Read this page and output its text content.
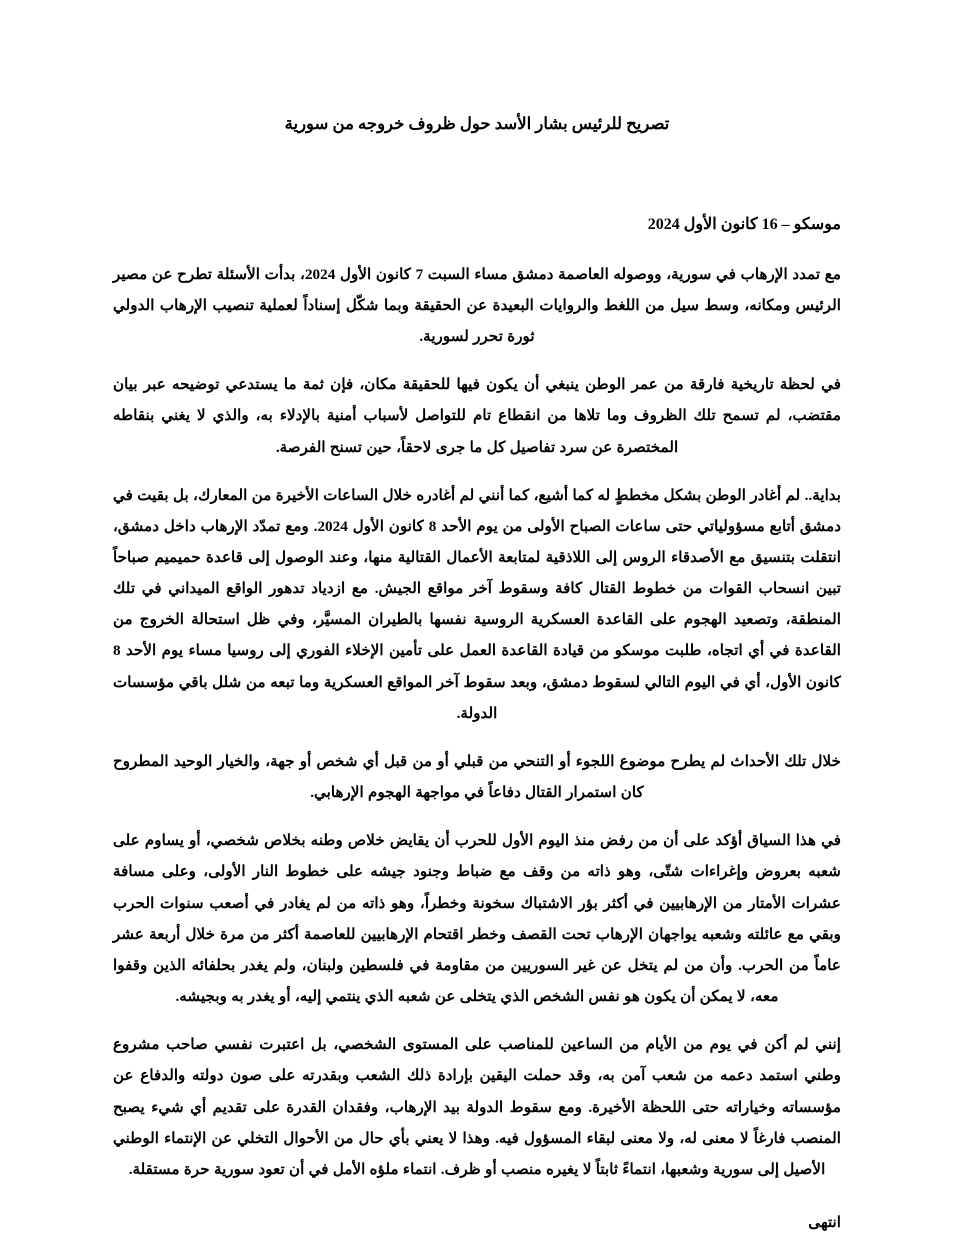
تصريح للرئيس بشار الأسد حول ظروف خروجه من سورية
موسكو – 16 كانون الأول 2024

مع تمدد الإرهاب في سورية، ووصوله العاصمة دمشق مساء السبت 7 كانون الأول 2024، بدأت الأسئلة تطرح عن مصير الرئيس ومكانه، وسط سيل من اللغط والروايات البعيدة عن الحقيقة وبما شكّل إسناداً لعملية تنصيب الإرهاب الدولي ثورة تحرر لسورية.

في لحظة تاريخية فارقة من عمر الوطن ينبغي أن يكون فيها للحقيقة مكان، فإن ثمة ما يستدعي توضيحه عبر بيان مقتضب، لم تسمح تلك الظروف وما تلاها من انقطاع تام للتواصل لأسباب أمنية بالإدلاء به، والذي لا يغني بنقاطه المختصرة عن سرد تفاصيل كل ما جرى لاحقاً، حين تسنح الفرصة.

بداية.. لم أغادر الوطن بشكل مخططٍ له كما أشيع، كما أنني لم أغادره خلال الساعات الأخيرة من المعارك، بل بقيت في دمشق أتابع مسؤولياتي حتى ساعات الصباح الأولى من يوم الأحد 8 كانون الأول 2024. ومع تمدّد الإرهاب داخل دمشق، انتقلت بتنسيق مع الأصدقاء الروس إلى اللاذقية لمتابعة الأعمال القتالية منها، وعند الوصول إلى قاعدة حميميم صباحاً تبين انسحاب القوات من خطوط القتال كافة وسقوط آخر مواقع الجيش. مع ازدياد تدهور الواقع الميداني في تلك المنطقة، وتصعيد الهجوم على القاعدة العسكرية الروسية نفسها بالطيران المسيَّر، وفي ظل استحالة الخروج من القاعدة في أي اتجاه، طلبت موسكو من قيادة القاعدة العمل على تأمين الإخلاء الفوري إلى روسيا مساء يوم الأحد 8 كانون الأول، أي في اليوم التالي لسقوط دمشق، وبعد سقوط آخر المواقع العسكرية وما تبعه من شلل باقي مؤسسات الدولة.

خلال تلك الأحداث لم يطرح موضوع اللجوء أو التنحي من قبلي أو من قبل أي شخص أو جهة، والخيار الوحيد المطروح كان استمرار القتال دفاعاً في مواجهة الهجوم الإرهابي.

في هذا السياق أؤكد على أن من رفض منذ اليوم الأول للحرب أن يقايض خلاص وطنه بخلاص شخصي، أو يساوم على شعبه بعروض وإغراءات شتّى، وهو ذاته من وقف مع ضباط وجنود جيشه على خطوط النار الأولى، وعلى مسافة عشرات الأمتار من الإرهابيين في أكثر بؤر الاشتباك سخونة وخطراً، وهو ذاته من لم يغادر في أصعب سنوات الحرب وبقي مع عائلته وشعبه يواجهان الإرهاب تحت القصف وخطر اقتحام الإرهابيين للعاصمة أكثر من مرة خلال أربعة عشر عاماً من الحرب. وأن من لم يتخل عن غير السوريين من مقاومة في فلسطين ولبنان، ولم يغدر بحلفائه الذين وقفوا معه، لا يمكن أن يكون هو نفس الشخص الذي يتخلى عن شعبه الذي ينتمي إليه، أو يغدر به وبجيشه.

إنني لم أكن في يوم من الأيام من الساعين للمناصب على المستوى الشخصي، بل اعتبرت نفسي صاحب مشروع وطني استمد دعمه من شعب آمن به، وقد حملت اليقين بإرادة ذلك الشعب وبقدرته على صون دولته والدفاع عن مؤسساته وخياراته حتى اللحظة الأخيرة. ومع سقوط الدولة بيد الإرهاب، وفقدان القدرة على تقديم أي شيء يصبح المنصب فارغاً لا معنى له، ولا معنى لبقاء المسؤول فيه. وهذا لا يعني بأي حال من الأحوال التخلي عن الإنتماء الوطني الأصيل إلى سورية وشعبها، انتماءً ثابتاً لا يغيره منصب أو ظرف. انتماء ملؤه الأمل في أن تعود سورية حرة مستقلة.

انتهى
